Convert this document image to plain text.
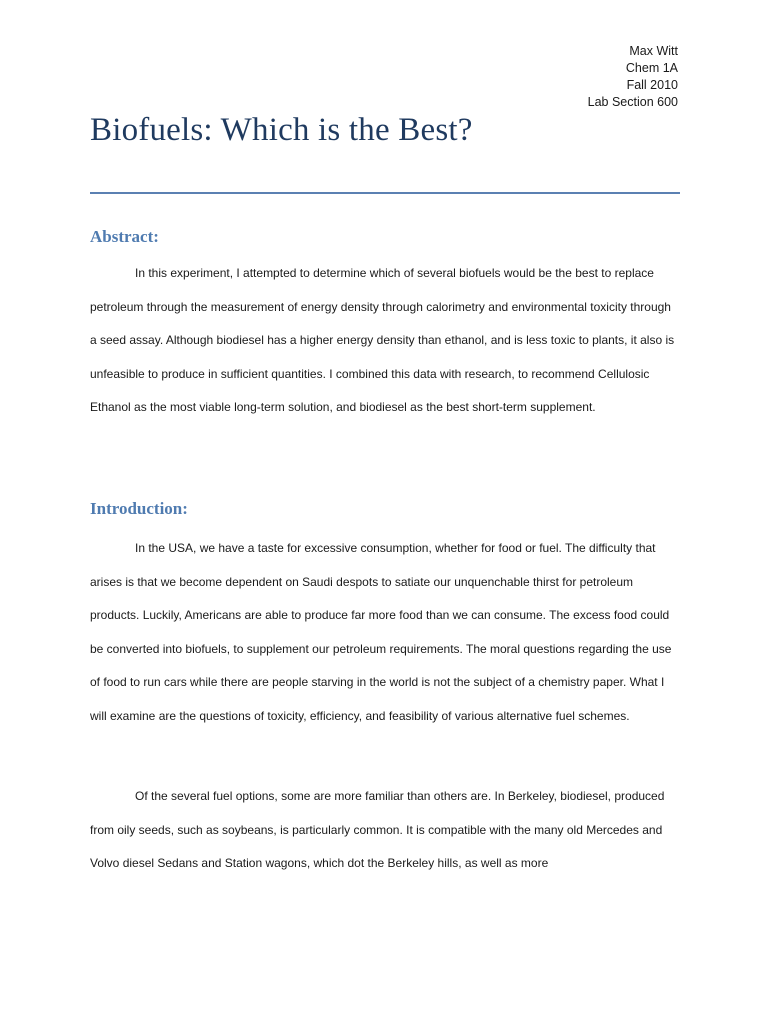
Max Witt
Chem 1A
Fall 2010
Lab Section 600
Biofuels: Which is the Best?
Abstract:

In this experiment, I attempted to determine which of several biofuels would be the best to replace petroleum through the measurement of energy density through calorimetry and environmental toxicity through a seed assay. Although biodiesel has a higher energy density than ethanol, and is less toxic to plants, it also is unfeasible to produce in sufficient quantities. I combined this data with research, to recommend Cellulosic Ethanol as the most viable long-term solution, and biodiesel as the best short-term supplement.

Introduction:

In the USA, we have a taste for excessive consumption, whether for food or fuel. The difficulty that arises is that we become dependent on Saudi despots to satiate our unquenchable thirst for petroleum products. Luckily, Americans are able to produce far more food than we can consume. The excess food could be converted into biofuels, to supplement our petroleum requirements. The moral questions regarding the use of food to run cars while there are people starving in the world is not the subject of a chemistry paper. What I will examine are the questions of toxicity, efficiency, and feasibility of various alternative fuel schemes.

Of the several fuel options, some are more familiar than others are. In Berkeley, biodiesel, produced from oily seeds, such as soybeans, is particularly common. It is compatible with the many old Mercedes and Volvo diesel Sedans and Station wagons, which dot the Berkeley hills, as well as more
